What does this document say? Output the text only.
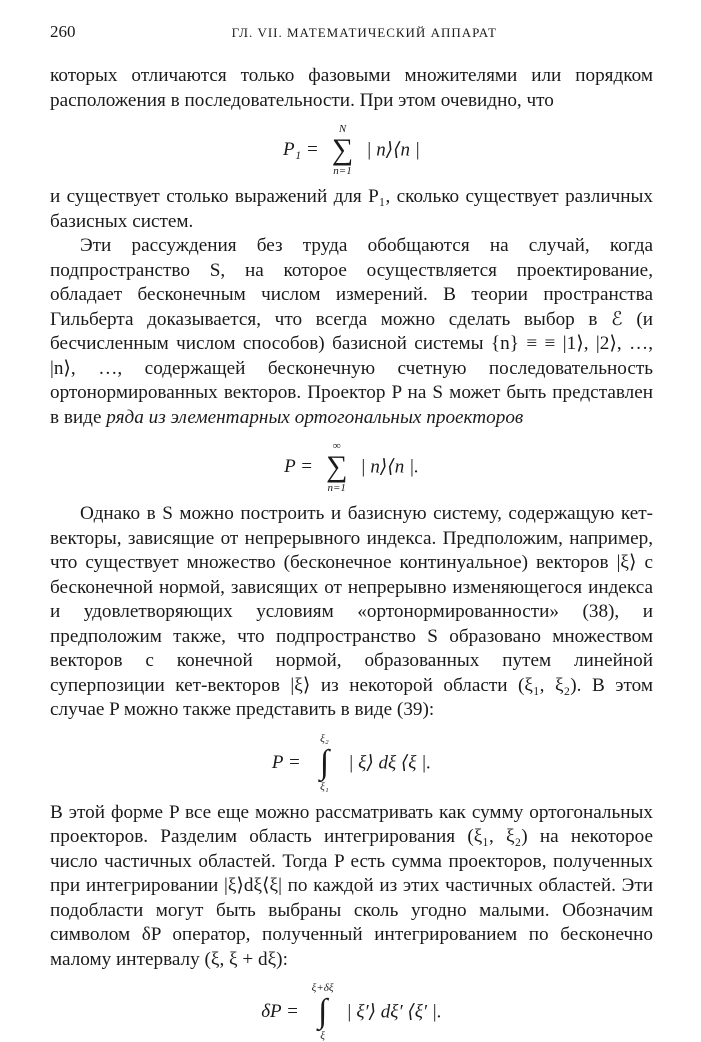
260	ГЛ. VII. МАТЕМАТИЧЕСКИЙ АППАРАТ

которых отличаются только фазовыми множителями или порядком расположения в последовательности. При этом очевидно, что

P₁ =
N
∑
n=1
| n⟩⟨n |

и существует столько выражений для P₁, сколько существует различных базисных систем.

Эти рассуждения без труда обобщаются на случай, когда подпространство S, на которое осуществляется проектирование, обладает бесконечным числом измерений. В теории пространства Гильберта доказывается, что всегда можно сделать выбор в ℰ (и бесчисленным числом способов) базисной системы {n} ≡ ≡ |1⟩, |2⟩, …, |n⟩, …, содержащей бесконечную счетную последовательность ортонормированных векторов. Проектор P на S может быть представлен в виде ряда из элементарных ортогональных проекторов

P =
∞
∑
n=1
| n⟩⟨n |.

Однако в S можно построить и базисную систему, содержащую кет-векторы, зависящие от непрерывного индекса. Предположим, например, что существует множество (бесконечное континуальное) векторов |ξ⟩ с бесконечной нормой, зависящих от непрерывно изменяющегося индекса и удовлетворяющих условиям «ортонормированности» (38), и предположим также, что подпространство S образовано множеством векторов с конечной нормой, образованных путем линейной суперпозиции кет-векторов |ξ⟩ из некоторой области (ξ₁, ξ₂). В этом случае P можно также представить в виде (39):

P =
ξ₂
∫
ξ₁
| ξ⟩ dξ ⟨ξ |.

В этой форме P все еще можно рассматривать как сумму ортогональных проекторов. Разделим область интегрирования (ξ₁, ξ₂) на некоторое число частичных областей. Тогда P есть сумма проекторов, полученных при интегрировании |ξ⟩dξ⟨ξ| по каждой из этих частичных областей. Эти подобласти могут быть выбраны сколь угодно малыми. Обозначим символом δP оператор, полученный интегрированием по бесконечно малому интервалу (ξ, ξ + dξ):

δP =
ξ+δξ
∫
ξ
| ξ′⟩ dξ′ ⟨ξ′ |.
